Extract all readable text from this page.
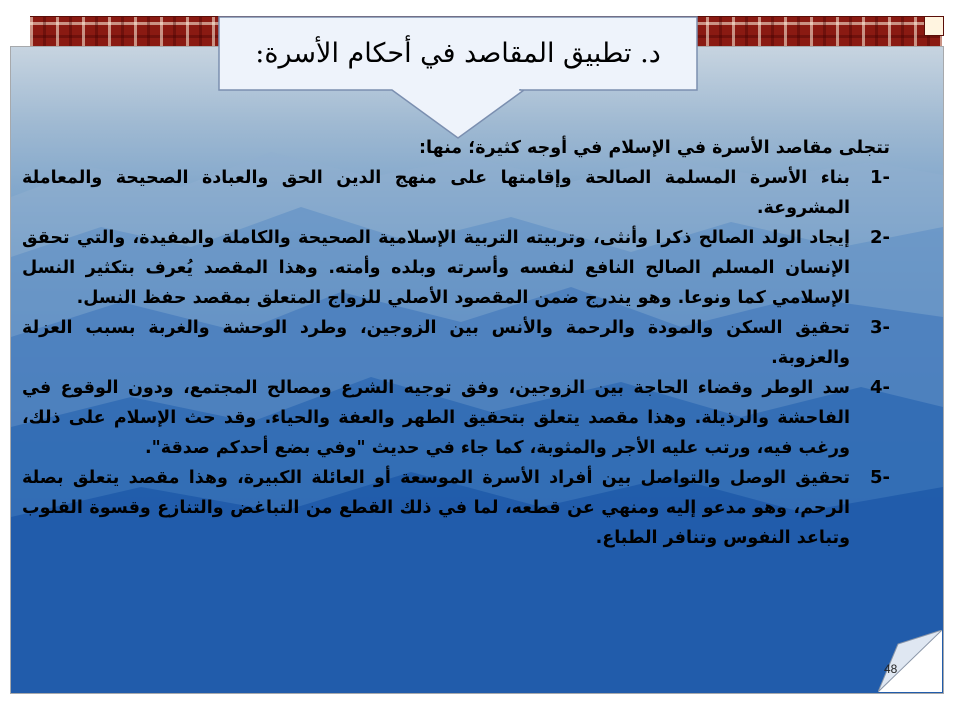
د. تطبيق المقاصد في أحكام الأسرة:

تتجلى مقاصد الأسرة في الإسلام في أوجه كثيرة؛ منها:

1-
بناء الأسرة المسلمة الصالحة وإقامتها على منهج الدين الحق والعبادة الصحيحة والمعاملة المشروعة.
2-
إيجاد الولد الصالح ذكرا وأنثى، وتربيته التربية الإسلامية الصحيحة والكاملة والمفيدة، والتي تحقق الإنسان المسلم الصالح النافع لنفسه وأسرته وبلده وأمته. وهذا المقصد يُعرف بتكثير النسل الإسلامي كما ونوعا. وهو يندرج ضمن المقصود الأصلي للزواج المتعلق بمقصد حفظ النسل.
3-
تحقيق السكن والمودة والرحمة والأنس بين الزوجين، وطرد الوحشة والغربة بسبب العزلة والعزوبة.
4-
سد الوطر وقضاء الحاجة بين الزوجين، وفق توجيه الشرع ومصالح المجتمع، ودون الوقوع في الفاحشة والرذيلة. وهذا مقصد يتعلق بتحقيق الطهر والعفة والحياء. وقد حث الإسلام على ذلك، ورغب فيه، ورتب عليه الأجر والمثوبة، كما جاء في حديث "وفي بضع أحدكم صدقة".
5-
تحقيق الوصل والتواصل بين أفراد الأسرة الموسعة أو العائلة الكبيرة، وهذا مقصد يتعلق بصلة الرحم، وهو مدعو إليه ومنهي عن قطعه، لما في ذلك القطع من التباغض والتنازع وقسوة القلوب وتباعد النفوس وتنافر الطباع.
48
